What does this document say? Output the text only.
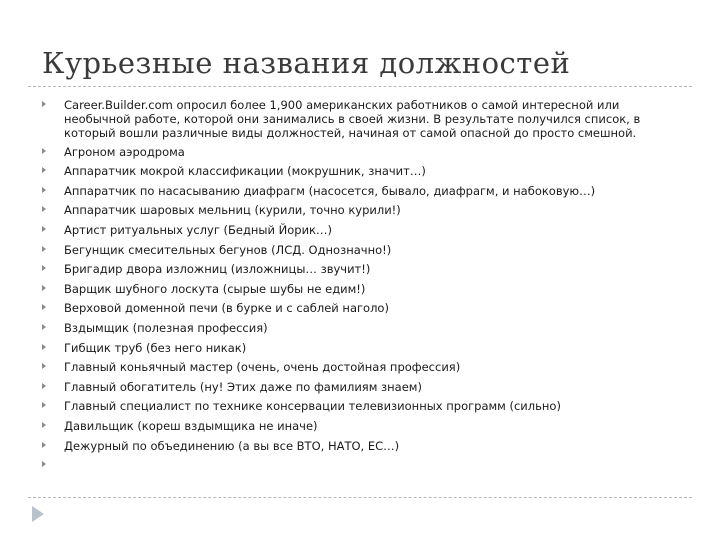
Курьезные названия должностей
Career.Builder.com опросил более 1,900 американских работников о самой интересной или необычной работе, которой они занимались в своей жизни. В результате получился список, в который вошли различные виды должностей, начиная от самой опасной до просто смешной.
Агроном аэродрома
Аппаратчик мокрой классификации (мокрушник, значит…)
Аппаратчик по насасыванию диафрагм (насосется, бывало, диафрагм, и набоковую…)
Аппаратчик шаровых мельниц (курили, точно курили!)
Артист ритуальных услуг (Бедный Йорик…)
Бегунщик смесительных бегунов (ЛСД. Однозначно!)
Бригадир двора изложниц (изложницы… звучит!)
Варщик шубного лоскута (сырые шубы не едим!)
Верховой доменной печи (в бурке и с саблей наголо)
Вздымщик (полезная профессия)
Гибщик труб (без него никак)
Главный коньячный мастер (очень, очень достойная профессия)
Главный обогатитель (ну! Этих даже по фамилиям знаем)
Главный специалист по технике консервации телевизионных программ (сильно)
Давильщик (кореш вздымщика не иначе)
Дежурный по объединению (а вы все ВТО, НАТО, ЕС…)
